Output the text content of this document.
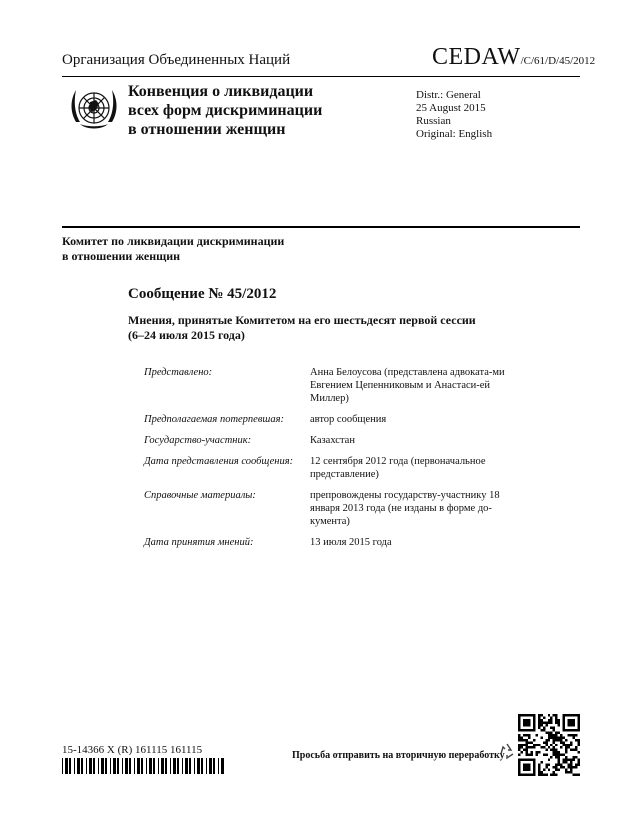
Организация Объединенных Наций	CEDAW/C/61/D/45/2012
Конвенция о ликвидации
всех форм дискриминации
в отношении женщин
Distr.: General
25 August 2015
Russian
Original: English
Комитет по ликвидации дискриминации
в отношении женщин
Сообщение № 45/2012
Мнения, принятые Комитетом на его шестьдесят первой сессии
(6–24 июля 2015 года)
Представлено:	Анна Белоусова (представлена адвоката-ми Евгением Цепенниковым и Анастаси-ей Миллер)
Предполагаемая потерпевшая:	автор сообщения
Государство-участник:	Казахстан
Дата представления сообщения:	12 сентября 2012 года (первоначальное представление)
Справочные материалы:	препровождены государству-участнику 18 января 2013 года (не изданы в форме до-кумента)
Дата принятия мнений:	13 июля 2015 года
15-14366 X (R) 161115 161115	Просьба отправить на вторичную переработку
